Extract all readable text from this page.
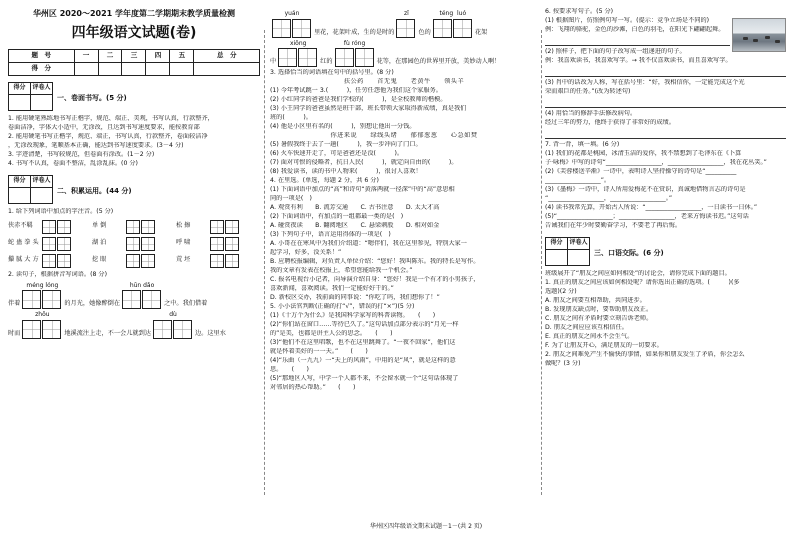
华州区 2020～2021 学年度第二学期期末教学质量检测
四年级语文试题(卷)
题　号	一	二	三	四	五	总　分
得　分						
得分	评卷人

一、卷面书写。(5 分)
1. 能用硬笔熟练地书写正楷字，规范、端正、美观，书写认真，行款整齐，
卷面洁净，字体大小适中，无涂改，且达到书写速度要求，能按教育部
2. 能用硬笔书写正楷字，规范、端正，书写认真，行款整齐，卷面较洁净
，无涂改现象，笔顺基本正确，能达到书写速度要求。(3－4 分)
3. 字迹清楚，书写较规范，但卷面有涂改。(1－2 分)
4. 书写不认真，卷面不整洁，乱涂乱抹。(0 分)
得分	评卷人

二、积累运用。(44 分)
1. 给下列词语中加点的字注音。(5 分)
侠赤不羁	单 倒	松 擦
蛇 蛊 拳 头	湖 泊	呼 啸
攥 腻 大 方	挖 眼	荒 坯
2. 读句子，根据拼音写词语。(8 分)
伴着
méng lóng
的月光，她像醉倒在
hūn dǎo
之中。我们借着
时而
zhōu
地溪流注上走，不一会儿就到达
dù
边。这里水
yuán
里花，花架叶成，生的是时的
zǐ
色的
téng luó
花架
中
xiōng
红的
fù róng
花等，在那园色的世界里开放，美妙动人啊！
3. 选择恰当的词语填在句中的括号里。(8 分)
扶公药　　首无鬼　　老黄牛　　领头羊
(1) 今年考试跳一 3.(　　　)，任劳任怨他为我们这个家服务。
(2) 小红同学的爸爸是我们学校的(　　　)，是全校教师的楷模。
(3) 小王同学的爸爸虽然是班干部，班长带领大家取得新成绩，真是我们
班的(　　　)。
(4) 他是小区里有名的(　　　)，别想让他出一分钱。
你进来说　　绿线头绪　　郁郁葱葱　　心急如焚
(5) 暑假我终于去了一趟(　　　)，我一步冲向了门口。
(6) 火车快速开走了，可是爸爸还是没(　　　)。
(7) 面对可恨的侵略者，抗日人民(　　　)，就定向自由的(　　　)。
(8) 我爱读书，读的书中人物来(　　　)，很讨人喜欢！
4. 在里选。(单选，每题 2 分，共 6 分)
(1) 下面词语中加点的“高”和诗句“黄落两就一径深”中的“高”意思相
同的一项是(　)
A. 观赏有利　　B. 流芳交通　　C. 古书注意　　D. 太大才高
(2) 下面词语中，有加点的一组都最一类的是(　)
A. 碰赏夜读　　B. 翻阅地区　　C. 悬梁刺股　　D. 相对如金
(3) 下列句子中，语言运用得体的一项是(　)
A. 小哥在在寒风中为我们介绍道：“嗯伴们，我在这里参见，特别大家一
起学习，好多，没关系！”
B. 应聘校报编辑，对负责人单位介绍：“您好！我叫陈东。我的特长是写作。
我的文章有发表在校报上，希望您能给我一个机会。”
C. 报名电视台小记者，向导演介绍自身：“您好！我是一个有才的小男孩子，
喜欢新闻，喜欢阅读。我们一定能好好干的。”
D. 新校区交办，我前面的同事说：“你吃了吗，我们想你了！”
5. 小小法官判断(正确的打“√”，错误的打“×”)(5 分)
(1)《十万个为什么》是我国科学家写的科普读物。　　(　　)
(2)“你们站在窗口……等待已久了。”这句话加点部分表示的“月光一样
的”是美，也都是讲主人公的思念。　　(　　)
(3)“他们不在这里唱歌，也不在这里跳舞了。“一夜不回家”，他们这
就是怀着美好的一一天。”　　(　　)
(4)“乐曲（一九九）一“天上的风雨”，中用的是“风”，就是这样的意
思。　　(　　)
(5)“那地区人写，中学一个人都不来，不会留水就一个“这句话体现了
对邻居的热心帮助。”　　(　　)
6. 按要求写句子。(5 分)
(1) 根据图片，仿照例句写一写。(提示：竞争立场是不同的)
例：飞翔的骆驼，金色的沙滩，白色的羽毛，在阳光下翩翩起舞。
(2) 照样子，把下面的句子改写成一组递进的句子。
例：我喜欢读书，我喜欢写字。→ 我不仅喜欢读书，而且喜欢写字。
(3) 肖中的话改为人称，写在括号里：“好，我相信你，一定能完成这个光
荣而艰巨的任务。”(改为转述句)
(4) 用恰当的修辞手法修改病句。
经过三年的努力，他终于获得了非常好的成绩。
7. 背一背，填一填。(6 分)
(1) 我们的花都是桃园，冰清玉洁的爱你，我不禁想到了毛泽东在《卜算
子·咏梅》中写的诗句“__________________，__________________，我在花丛笑。”
(2)《芙蓉楼送辛渐》一诗中，表明诗人坚持操守的诗句是“__________
__________________”。
(3)《墨梅》一诗中，诗人所用爱梅花不在赏识，真诚地借物言志的诗句是
“__________________，__________________。”
(4) 读书我常先算，开始古人所说：“__________________，一日读书一日休。”
(5)“__________________；__________________，老来方悔读书迟。”这句话
告诫我们在年少时要勤奋学习，不要老了再后悔。
得分	评卷人

三、口语交际。(6 分)
班级展开了“朋友之间应如何相处”的讨论会，请你完成下面的题目。
1. 真正的朋友之间应该如何相处呢？请你选出正确的选项。(　　　)(多
选题)(2 分)
A. 朋友之间要互相帮助，共同进步。
B. 发现朋友缺点时，要帮助朋友改正。
C. 朋友之间有矛盾时要立刻告诉老师。
D. 朋友之间应应该互相信任。
E. 真正的朋友之间永不会生气。
F. 为了让朋友开心，满足朋友的一切要求。
2. 朋友之间难免产生不愉快的事情，如果你和朋友发生了矛盾，你会怎么
做呢？(3 分)
华州区四年级语文期末试题－1－(共 2 页)
